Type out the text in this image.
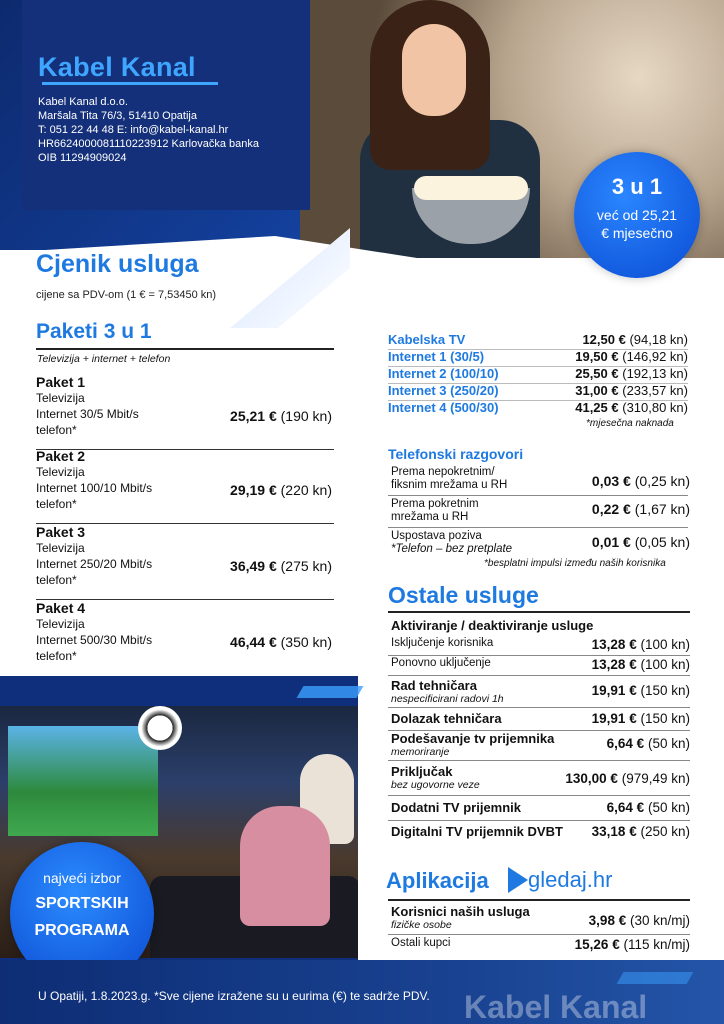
Kabel Kanal
Kabel Kanal d.o.o.
Maršala Tita 76/3, 51410 Opatija
T: 051 22 44 48 E: info@kabel-kanal.hr
HR6624000081110223912 Karlovačka banka
OIB 11294909024
3 u 1
već od 25,21
€ mjesečno
Cjenik usluga
cijene sa PDV-om (1 € = 7,53450 kn)
Paketi 3 u 1
Televizija + internet + telefon
Paket 1
Televizija
Internet 30/5 Mbit/s
telefon*
25,21 € (190 kn)
Paket 2
Televizija
Internet 100/10 Mbit/s
telefon*
29,19 € (220 kn)
Paket 3
Televizija
Internet 250/20 Mbit/s
telefon*
36,49 € (275 kn)
Paket 4
Televizija
Internet 500/30 Mbit/s
telefon*
46,44 € (350 kn)
najveći izbor
SPORTSKIH
PROGRAMA
Kabelska TV	12,50 € (94,18 kn)
Internet 1 (30/5)	19,50 € (146,92 kn)
Internet 2 (100/10)	25,50 € (192,13 kn)
Internet 3 (250/20)	31,00 € (233,57 kn)
Internet 4 (500/30)	41,25 € (310,80 kn)
*mjesečna naknada
Telefonski razgovori
Prema nepokretnim/
fiksnim mrežama u RH	0,03 € (0,25 kn)
Prema pokretnim
mrežama u RH	0,22 € (1,67 kn)
Uspostava poziva
*Telefon – bez pretplate	0,01 € (0,05 kn)
*besplatni impulsi između naših korisnika
Ostale usluge
Aktiviranje / deaktiviranje usluge
Isključenje korisnika	13,28 € (100 kn)
Ponovno uključenje	13,28 € (100 kn)
Rad tehničara
nespecificirani radovi 1h
19,91 € (150 kn)
Dolazak tehničara	19,91 € (150 kn)
Podešavanje tv prijemnika
memoriranje
6,64 € (50 kn)
Priključak
bez ugovorne veze	130,00 € (979,49 kn)
Dodatni TV prijemnik	6,64 € (50 kn)
Digitalni TV prijemnik DVBT 33,18 € (250 kn)
Aplikacija gledaj.hr
Korisnici naših usluga
fizičke osobe	3,98 € (30 kn/mj)
Ostali kupci	15,26 € (115 kn/mj)
U Opatiji, 1.8.2023.g. *Sve cijene izražene su u eurima (€) te sadrže PDV. Kabel Kanal
